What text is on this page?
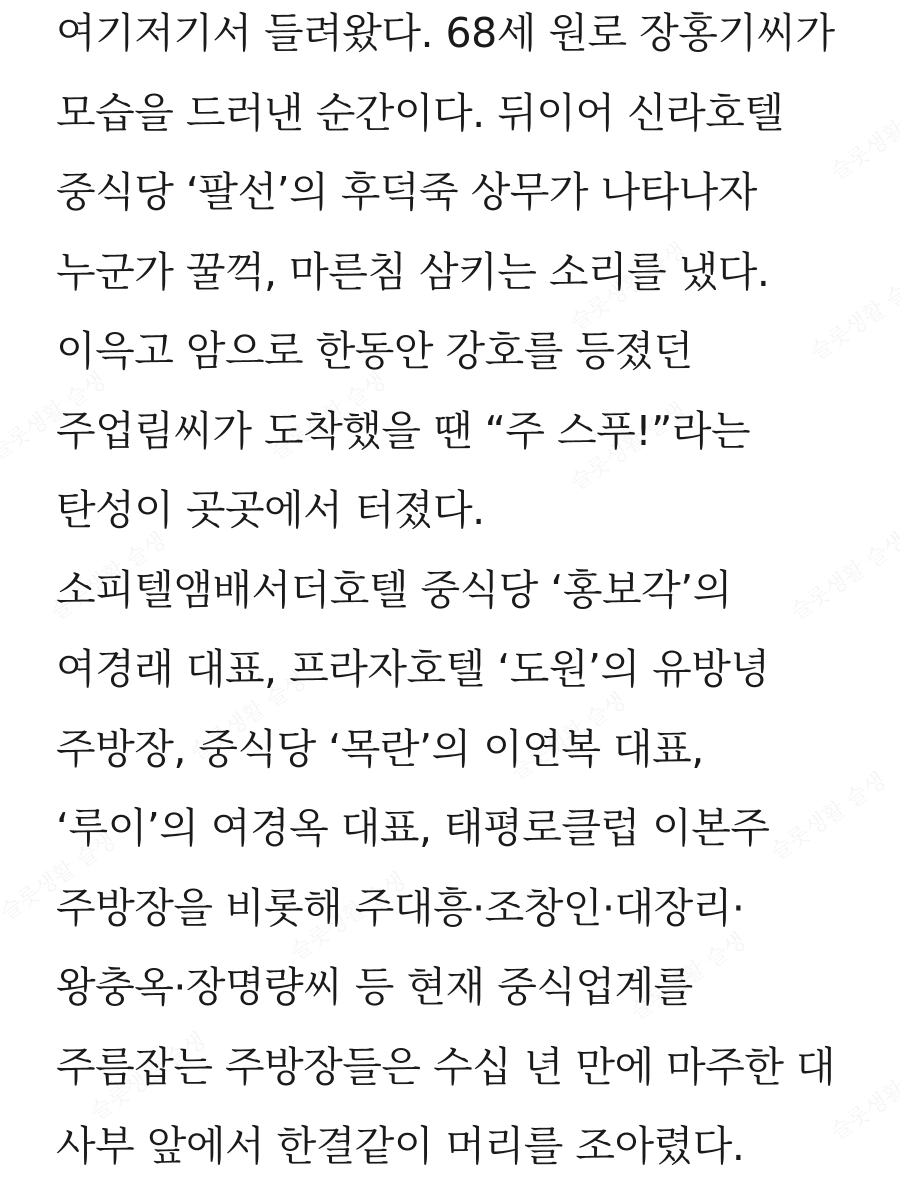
여기저기서 들려왔다. 68세 원로 장홍기씨가
모습을 드러낸 순간이다. 뒤이어 신라호텔
중식당 ‘팔선’의 후덕죽 상무가 나타나자
누군가 꿀꺽, 마른침 삼키는 소리를 냈다.
이윽고 암으로 한동안 강호를 등졌던
주업림씨가 도착했을 땐 “주 스푸!”라는
탄성이 곳곳에서 터졌다.
소피텔앰배서더호텔 중식당 ‘홍보각’의
여경래 대표, 프라자호텔 ‘도원’의 유방녕
주방장, 중식당 ‘목란’의 이연복 대표,
‘루이’의 여경옥 대표, 태평로클럽 이본주
주방장을 비롯해 주대흥·조창인·대장리·
왕충옥·장명량씨 등 현재 중식업계를
주름잡는 주방장들은 수십 년 만에 마주한 대
사부 앞에서 한결같이 머리를 조아렸다.
